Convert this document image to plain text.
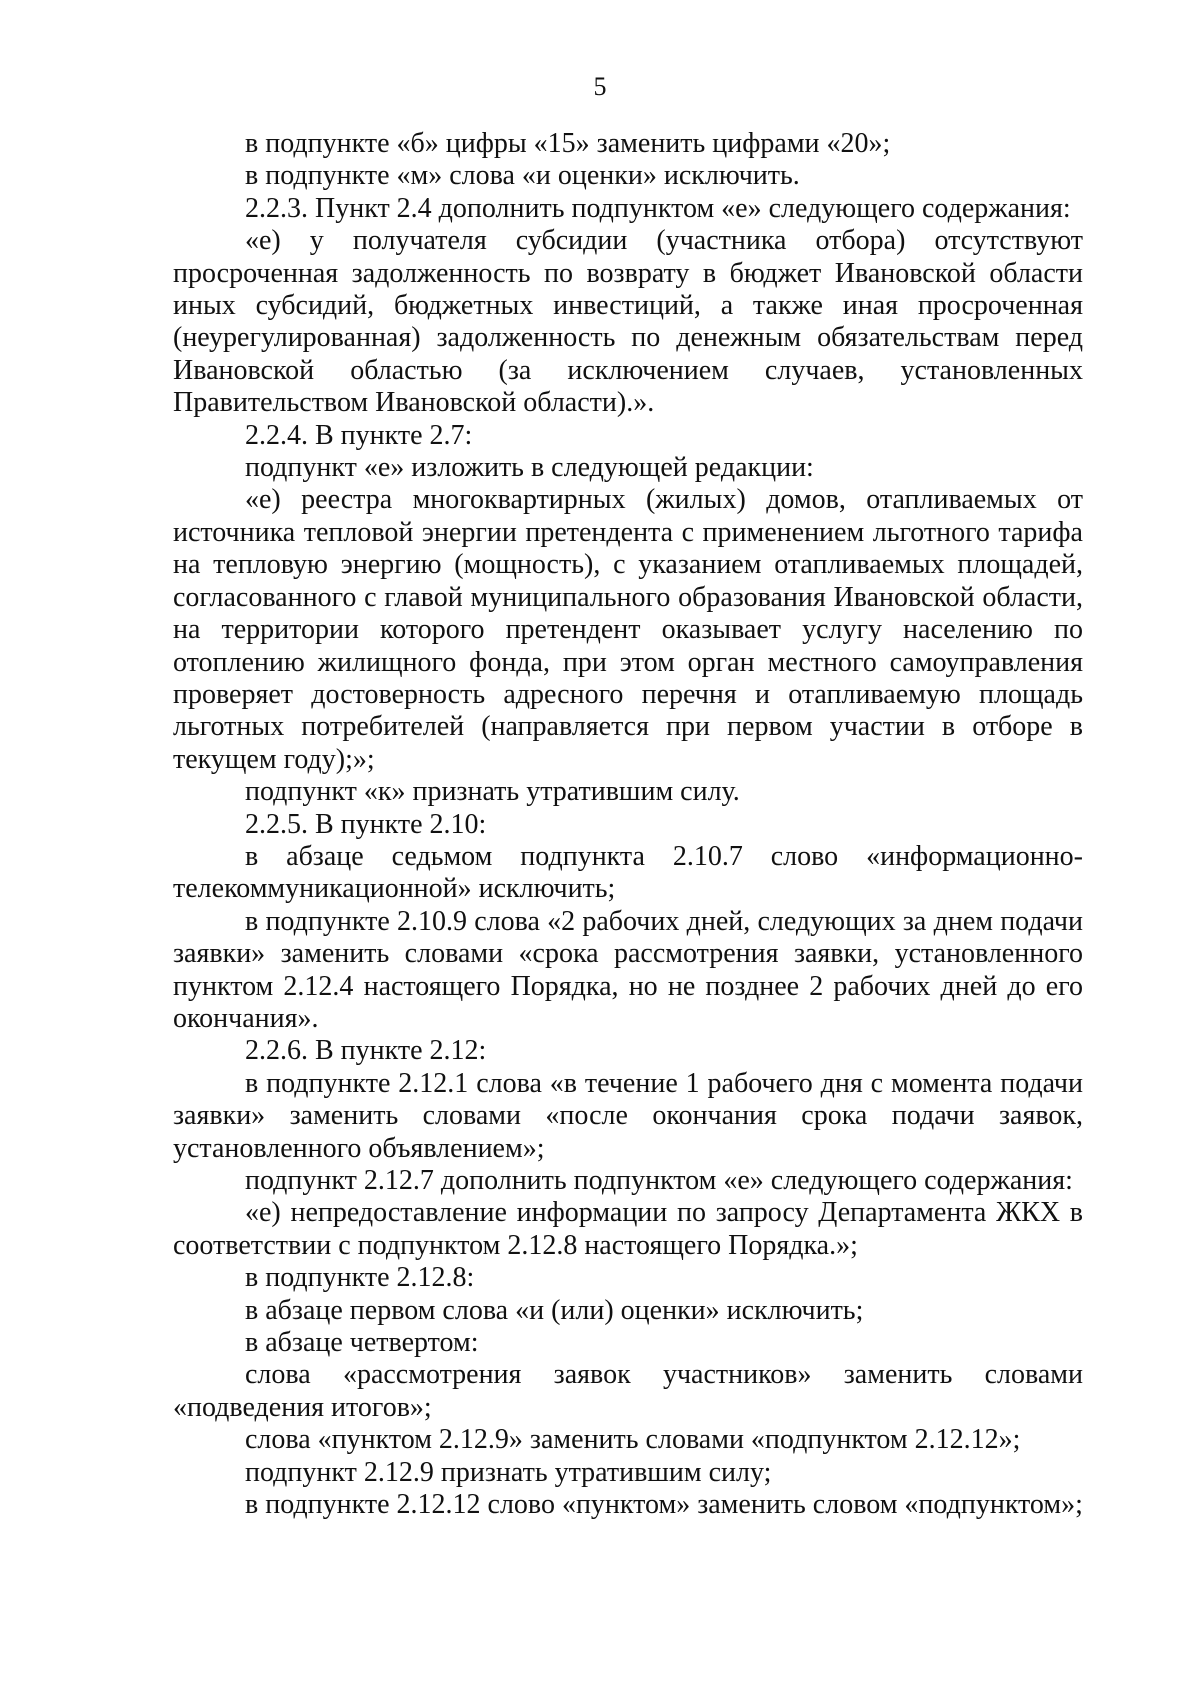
5

в подпункте «б» цифры «15» заменить цифрами «20»;

в подпункте «м» слова «и оценки» исключить.

2.2.3. Пункт 2.4 дополнить подпунктом «е» следующего содержания:

«е) у получателя субсидии (участника отбора) отсутствуют просроченная задолженность по возврату в бюджет Ивановской области иных субсидий, бюджетных инвестиций, а также иная просроченная (неурегулированная) задолженность по денежным обязательствам перед Ивановской областью (за исключением случаев, установленных Правительством Ивановской области).».

2.2.4. В пункте 2.7:

подпункт «е» изложить в следующей редакции:

«е) реестра многоквартирных (жилых) домов, отапливаемых от источника тепловой энергии претендента с применением льготного тарифа на тепловую энергию (мощность), с указанием отапливаемых площадей, согласованного с главой муниципального образования Ивановской области, на территории которого претендент оказывает услугу населению по отоплению жилищного фонда, при этом орган местного самоуправления проверяет достоверность адресного перечня и отапливаемую площадь льготных потребителей (направляется при первом участии в отборе в текущем году);»;

подпункт «к» признать утратившим силу.

2.2.5. В пункте 2.10:

в абзаце седьмом подпункта 2.10.7 слово «информационно-телекоммуникационной» исключить;

в подпункте 2.10.9 слова «2 рабочих дней, следующих за днем подачи заявки» заменить словами «срока рассмотрения заявки, установленного пунктом 2.12.4 настоящего Порядка, но не позднее 2 рабочих дней до его окончания».

2.2.6. В пункте 2.12:

в подпункте 2.12.1 слова «в течение 1 рабочего дня с момента подачи заявки» заменить словами «после окончания срока подачи заявок, установленного объявлением»;

подпункт 2.12.7 дополнить подпунктом «е» следующего содержания:

«е) непредоставление информации по запросу Департамента ЖКХ в соответствии с подпунктом 2.12.8 настоящего Порядка.»;

в подпункте 2.12.8:

в абзаце первом слова «и (или) оценки» исключить;

в абзаце четвертом:

слова «рассмотрения заявок участников» заменить словами «подведения итогов»;

слова «пунктом 2.12.9» заменить словами «подпунктом 2.12.12»;

подпункт 2.12.9 признать утратившим силу;

в подпункте 2.12.12 слово «пунктом» заменить словом «подпунктом»;
